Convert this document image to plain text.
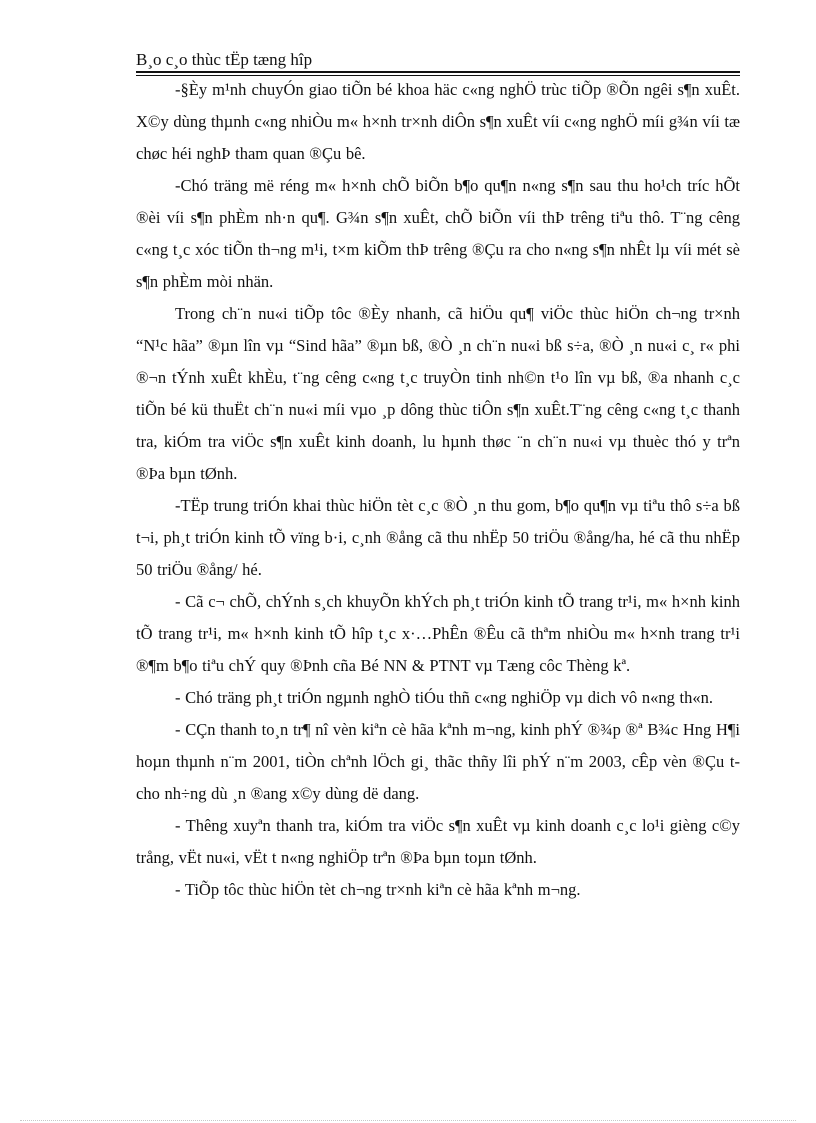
B¸o c¸o thùc tËp tæng hîp

-§Èy m¹nh chuyÓn giao tiÕn bé khoa häc c«ng nghÖ trùc tiÕp ®Õn ngêi s¶n xuÊt. X©y dùng thµnh c«ng nhiÒu m« h×nh tr×nh diÔn s¶n xuÊt víi c«ng nghÖ míi g¾n víi tæ chøc héi nghÞ tham quan ®Çu bê.

-Chó träng më réng m« h×nh chÕ biÕn b¶o qu¶n n«ng s¶n sau thu ho¹ch tríc hÕt ®èi víi s¶n phÈm nh·n qu¶. G¾n s¶n xuÊt, chÕ biÕn víi thÞ trêng tiªu thô. T¨ng cêng c«ng t¸c xóc tiÕn th¬ng m¹i, t×m kiÕm thÞ trêng ®Çu ra cho n«ng s¶n nhÊt lµ víi mét sè s¶n phÈm mòi nhän.

Trong ch¨n nu«i tiÕp tôc ®Èy nhanh, cã hiÖu qu¶ viÖc thùc hiÖn ch¬ng tr×nh “N¹c hãa” ®µn lîn vµ “Sind hãa” ®µn bß, ®Ò ¸n ch¨n nu«i bß s÷a, ®Ò ¸n nu«i c¸ r« phi ®¬n tÝnh xuÊt khÈu, t¨ng cêng c«ng t¸c truyÒn tinh nh©n t¹o lîn vµ bß, ®a nhanh c¸c tiÕn bé kü thuËt ch¨n nu«i míi vµo ¸p dông thùc tiÔn s¶n xuÊt.T¨ng cêng c«ng t¸c thanh tra, kiÓm tra viÖc s¶n xuÊt kinh doanh, lu hµnh thøc ¨n ch¨n nu«i vµ thuèc thó y trªn ®Þa bµn tØnh.

-TËp trung triÓn khai thùc hiÖn tèt c¸c ®Ò ¸n thu gom, b¶o qu¶n vµ tiªu thô s÷a bß t¬i, ph¸t triÓn kinh tÕ vïng b·i, c¸nh ®ång cã thu nhËp 50 triÖu ®ång/ha, hé cã thu nhËp 50 triÖu ®ång/ hé.

- Cã c¬ chÕ, chÝnh s¸ch khuyÕn khÝch ph¸t triÓn kinh tÕ trang tr¹i, m« h×nh kinh tÕ trang tr¹i, m« h×nh kinh tÕ hîp t¸c x·…PhÊn ®Êu cã thªm nhiÒu m« h×nh trang tr¹i ®¶m b¶o tiªu chÝ quy ®Þnh cña Bé NN & PTNT vµ Tæng côc Thèng kª.

- Chó träng ph¸t triÓn ngµnh nghÒ tiÓu thñ c«ng nghiÖp vµ dich vô n«ng th«n.

- CÇn thanh to¸n tr¶ nî vèn kiªn cè hãa kªnh m¬ng, kinh phÝ ®¾p ®ª B¾c Hng H¶i hoµn thµnh n¨m 2001, tiÒn chªnh lÖch gi¸ thãc thñy lîi phÝ n¨m 2003, cÊp vèn ®Çu t cho nh÷ng dù ¸n ®ang x©y dùng dë dang.

- Thêng xuyªn thanh tra, kiÓm tra viÖc s¶n xuÊt vµ kinh doanh c¸c lo¹i gièng c©y trång, vËt nu«i, vËt t n«ng nghiÖp trªn ®Þa bµn toµn tØnh.

- TiÕp tôc thùc hiÖn tèt ch¬ng tr×nh kiªn cè hãa kªnh m¬ng.
